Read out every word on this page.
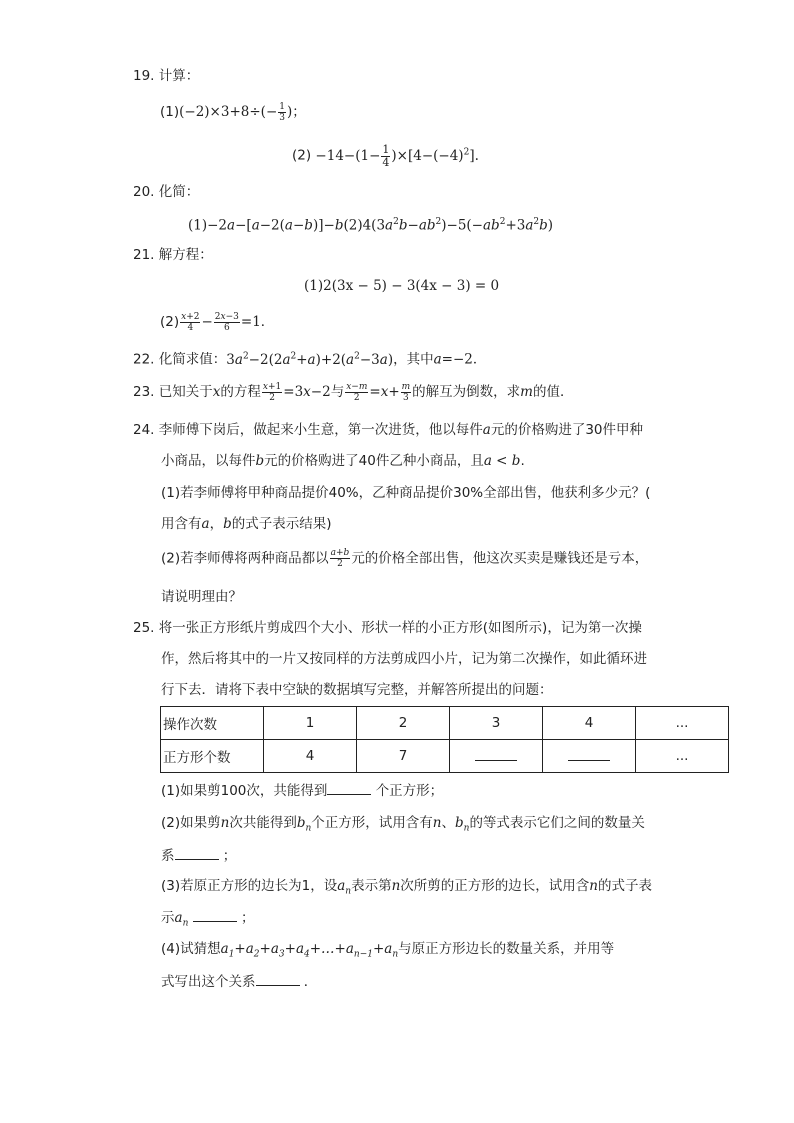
19. 计算：
$(1)(-2)\times 3+8\div(- \frac{1}{3}$ )；
$(2) -14-(1- \frac{1}{4} )\times[4-(-4)^2]$.
20. 化简：
$(1)-2a-[a-2(a-b)]-b(2)4(3a^2b-ab^2)-5(-ab^2+3a^2b)$
21. 解方程：
(1)2(3x − 5) − 3(4x − 3) = 0
$(2) \frac{x+2}{4} - \frac{2x-3}{6} =1$．
22. 化简求值：$3a^2-2(2a^2+a)+2(a^2-3a)$，其中a=−2．
23. 已知关于x的方程 $\frac{x+1}{2} =3x-2$与 $\frac{x-m}{2} =x+ \frac{m}{3}$ 的解互为倒数，求m的值．
24. 李师傅下岗后，做起来小生意，第一次进货，他以每件a元的价格购进了30件甲种
小商品，以每件b元的价格购进了40件乙种小商品，且a < b.
(1)若李师傅将甲种商品提价40%，乙种商品提价30%全部出售，他获利多少元？(
用含有a，b的式子表示结果)
(2)若李师傅将两种商品都以 $\frac{a+b}{2}$ 元的价格全部出售，他这次买卖是赚钱还是亏本，
请说明理由？
25. 将一张正方形纸片剪成四个大小、形状一样的小正方形(如图所示)，记为第一次操
作，然后将其中的一片又按同样的方法剪成四小片，记为第二次操作，如此循环进
行下去．请将下表中空缺的数据填写完整，并解答所提出的问题：
操作次数	1	2	3	4	...
正方形个数	4	7			...
(1)如果剪100次，共能得到	个正方形；
(2)如果剪n次共能得到$b_n$个正方形，试用含有n、$b_n$的等式表示它们之间的数量关
系	；
(3)若原正方形的边长为1，设$a_n$表示第n次所剪的正方形的边长，试用含n的式子表
示$a_n$	；
(4)试猜想$a_1+a_2+a_3+a_4+\dots+a_{n-1}+a_n$与原正方形边长的数量关系，并用等
式写出这个关系	．
